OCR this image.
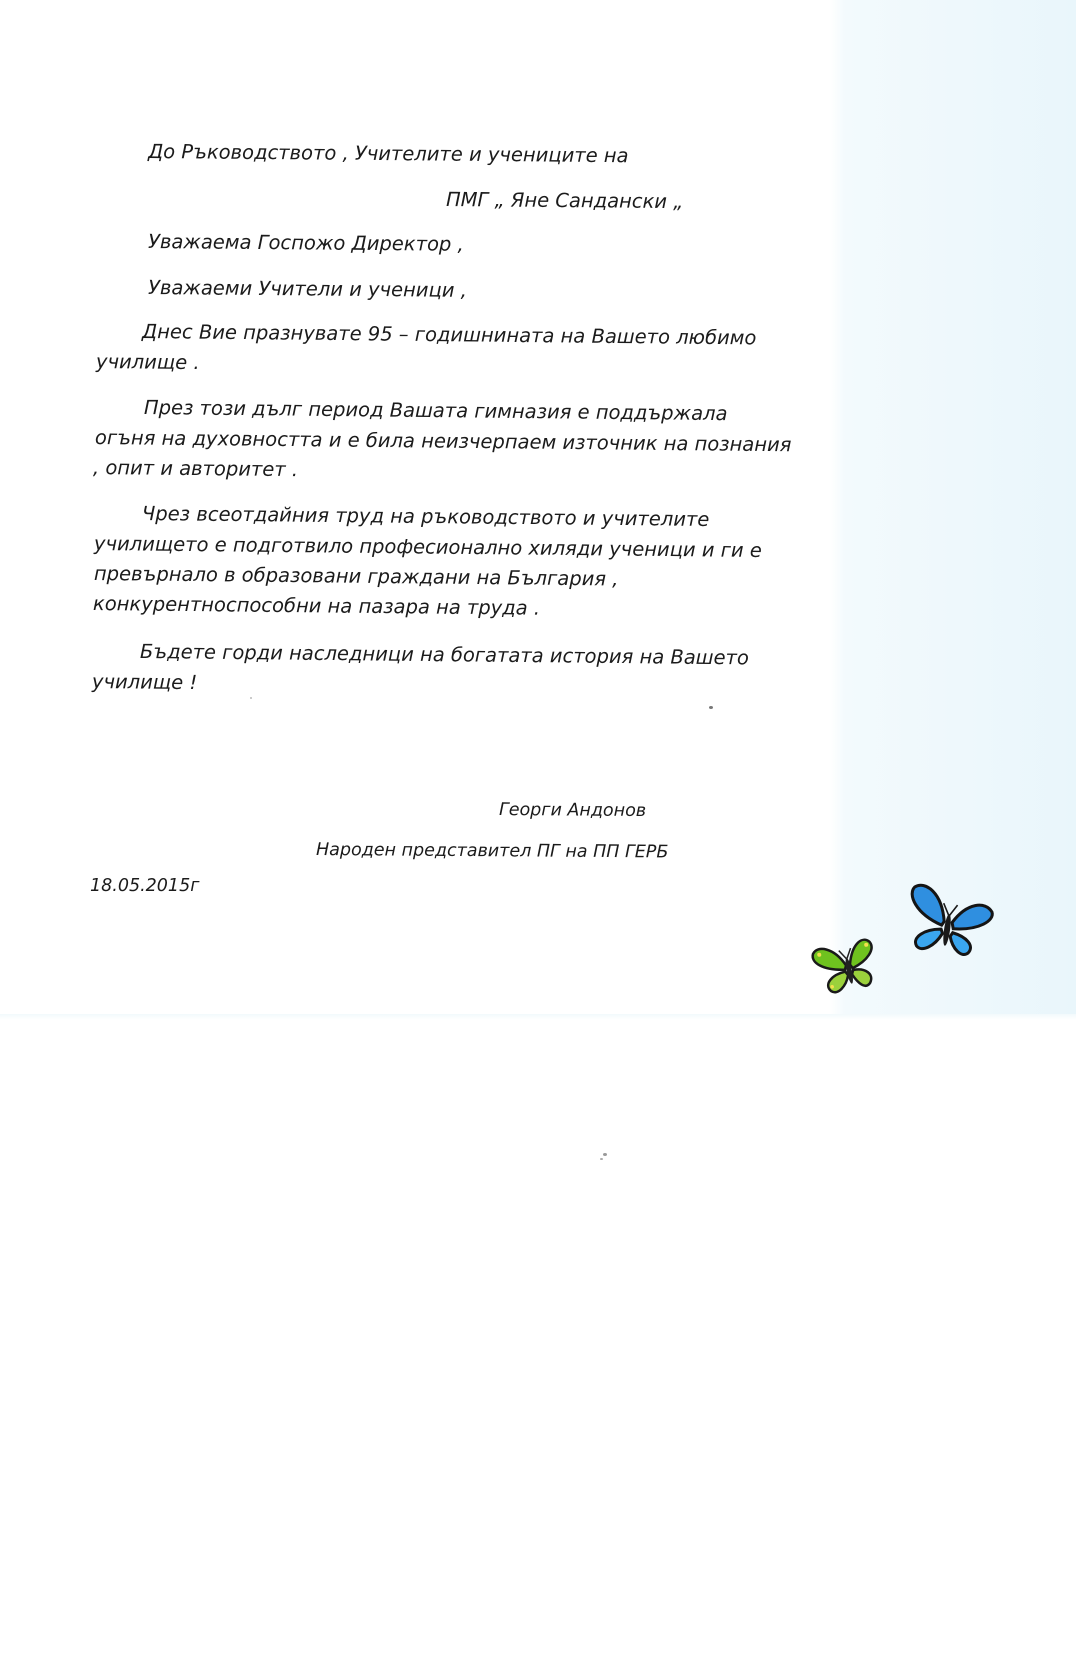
До Ръководството , Учителите и учениците на

ПМГ „ Яне Сандански „

Уважаема Госпожо Директор ,

Уважаеми Учители и ученици ,

Днес Вие празнувате 95 – годишнината на Вашето любимо

училище .

През този дълг период Вашата гимназия е поддържала

огъня на духовността и е била неизчерпаем източник на познания

, опит и авторитет .

Чрез всеотдайния труд на ръководството и учителите

училището е подготвило професионално хиляди ученици и ги е

превърнало в образовани граждани на България ,

конкурентноспособни на пазара на труда .

Бъдете горди наследници на богатата история на Вашето

училище !

Георги Андонов

Народен представител ПГ на ПП ГЕРБ

18.05.2015г
